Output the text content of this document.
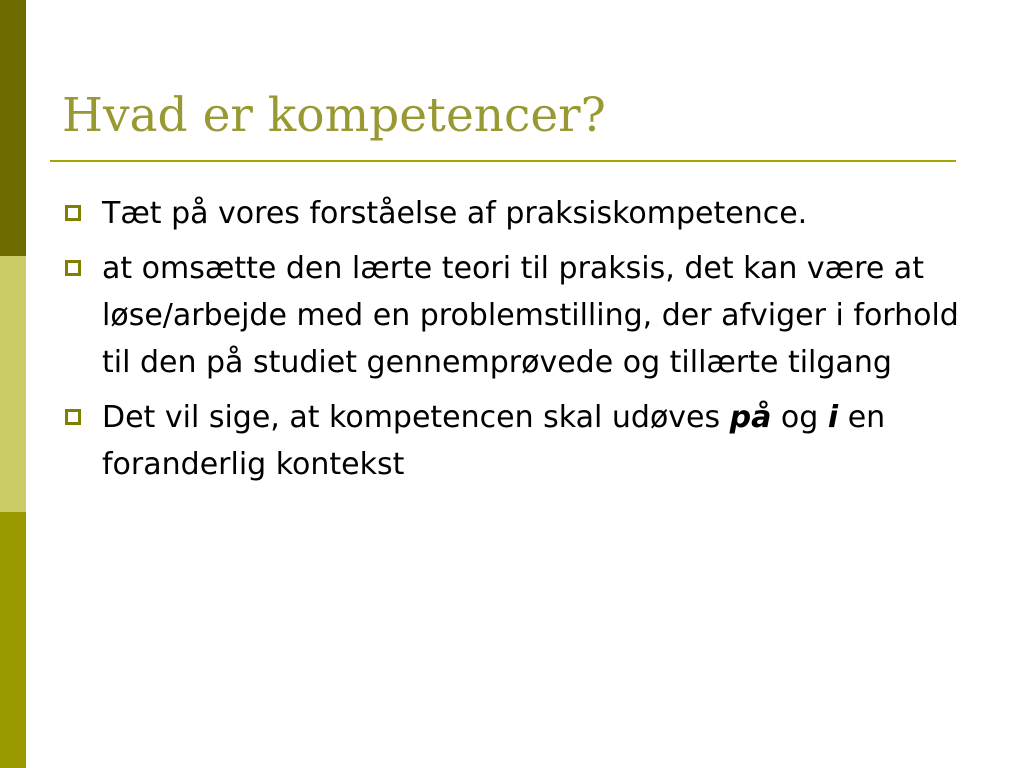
Hvad er kompetencer?
Tæt på vores forståelse af praksiskompetence.
at omsætte den lærte teori til praksis, det kan være at løse/arbejde med en problemstilling, der afviger i forhold til den på studiet gennemprøvede og tillærte tilgang
Det vil sige, at kompetencen skal udøves på og i en foranderlig kontekst
